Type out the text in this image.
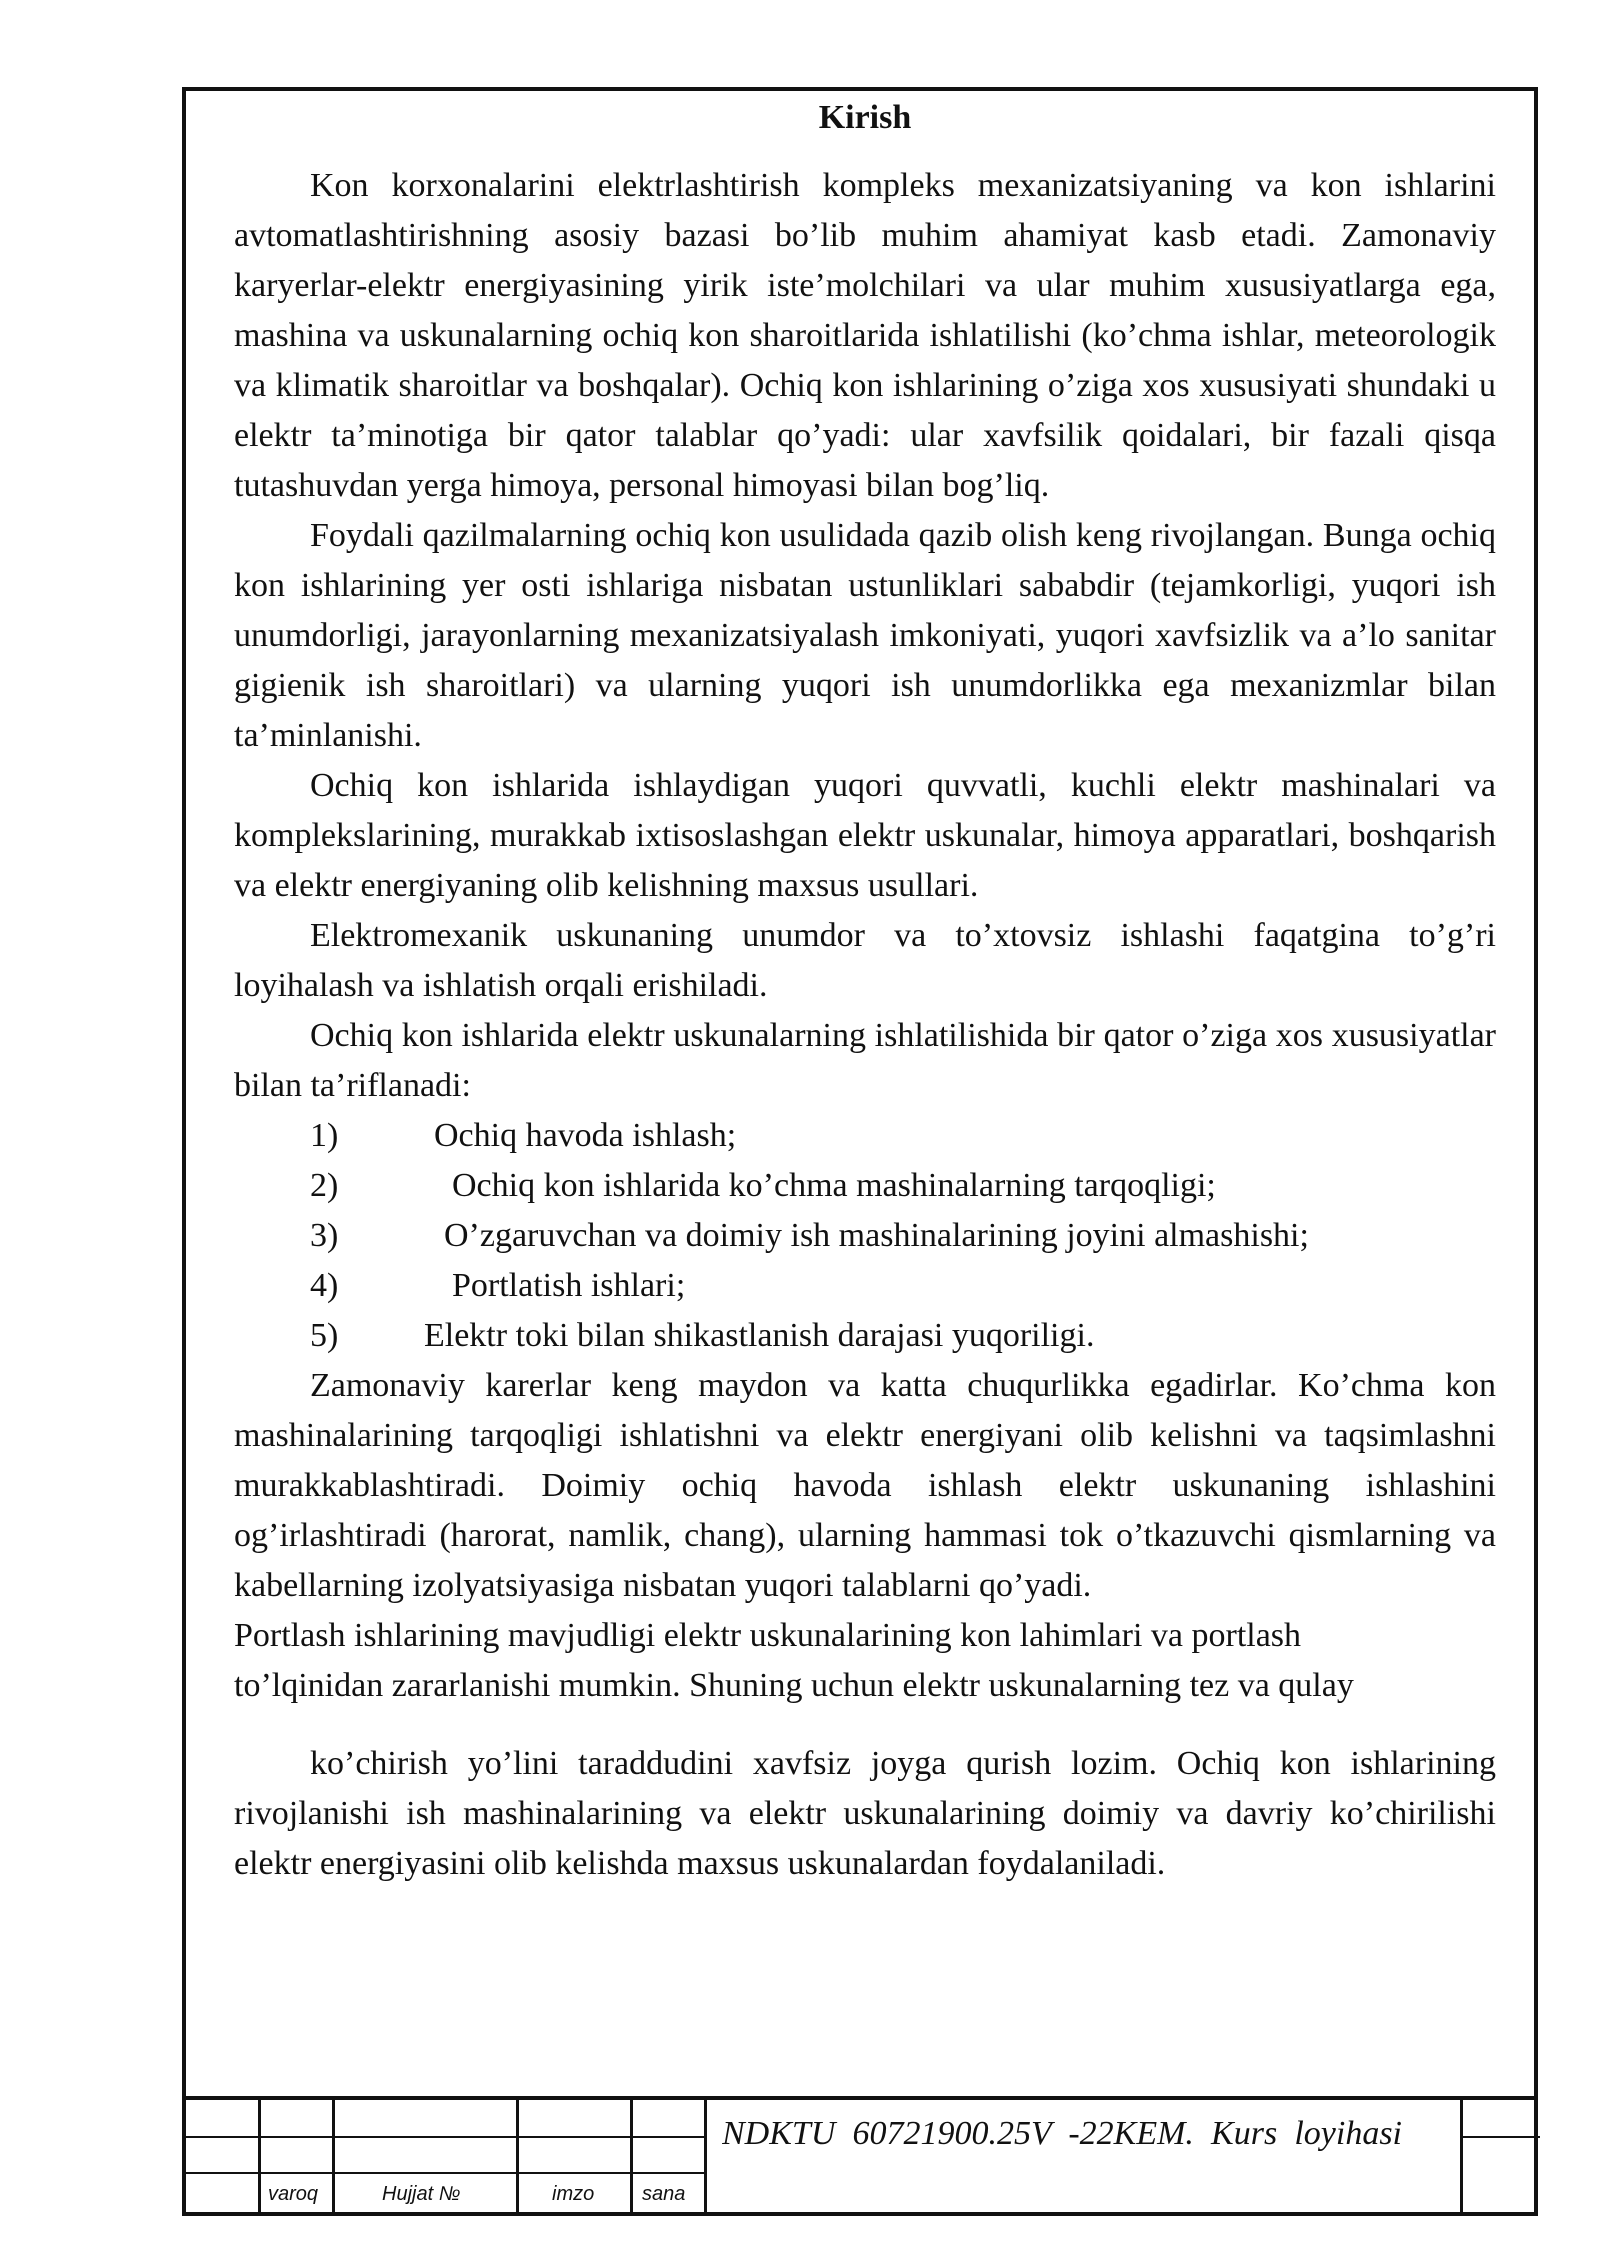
Kirish

Kon korxonalarini elektrlashtirish kompleks mexanizatsiyaning va kon ishlarini avtomatlashtirishning asosiy bazasi bo’lib muhim ahamiyat kasb etadi. Zamonaviy karyerlar-elektr energiyasining yirik iste’molchilari va ular muhim xususiyatlarga ega, mashina va uskunalarning ochiq kon sharoitlarida ishlatilishi (ko’chma ishlar, meteorologik va klimatik sharoitlar va boshqalar). Ochiq kon ishlarining o’ziga xos xususiyati shundaki u elektr ta’minotiga bir qator talablar qo’yadi: ular xavfsilik qoidalari, bir fazali qisqa tutashuvdan yerga himoya, personal himoyasi bilan bog’liq.

Foydali qazilmalarning ochiq kon usulidada qazib olish keng rivojlangan. Bunga ochiq kon ishlarining yer osti ishlariga nisbatan ustunliklari sababdir (tejamkorligi, yuqori ish unumdorligi, jarayonlarning mexanizatsiyalash imkoniyati, yuqori xavfsizlik va a’lo sanitar gigienik ish sharoitlari) va ularning yuqori ish unumdorlikka ega mexanizmlar bilan ta’minlanishi.

Ochiq kon ishlarida ishlaydigan yuqori quvvatli, kuchli elektr mashinalari va komplekslarining, murakkab ixtisoslashgan elektr uskunalar, himoya apparatlari, boshqarish va elektr energiyaning olib kelishning maxsus usullari.

Elektromexanik uskunaning unumdor va to’xtovsiz ishlashi faqatgina to’g’ri loyihalash va ishlatish orqali erishiladi.

Ochiq kon ishlarida elektr uskunalarning ishlatilishida bir qator o’ziga xos xususiyatlar bilan ta’riflanadi:

1)	Ochiq havoda ishlash;
2)	Ochiq kon ishlarida ko’chma mashinalarning tarqoqligi;
3)	O’zgaruvchan va doimiy ish mashinalarining joyini almashishi;
4)	Portlatish ishlari;
5)	Elektr toki bilan shikastlanish darajasi yuqoriligi.

Zamonaviy karerlar keng maydon va katta chuqurlikka egadirlar. Ko’chma kon mashinalarining tarqoqligi ishlatishni va elektr energiyani olib kelishni va taqsimlashni murakkablashtiradi. Doimiy ochiq havoda ishlash elektr uskunaning ishlashini og’irlashtiradi (harorat, namlik, chang), ularning hammasi tok o’tkazuvchi qismlarning va kabellarning izolyatsiyasiga nisbatan yuqori talablarni qo’yadi.

Portlash ishlarining mavjudligi elektr uskunalarining kon lahimlari va portlash

to’lqinidan zararlanishi mumkin. Shuning uchun elektr uskunalarning tez va qulay

ko’chirish yo’lini taraddudini xavfsiz joyga qurish lozim. Ochiq kon ishlarining rivojlanishi ish mashinalarining va elektr uskunalarining doimiy va davriy ko’chirilishi elektr energiyasini olib kelishda maxsus uskunalardan foydalaniladi.

varoq	Hujjat №	imzo sana
NDKTU 60721900.25V -22KEM. Kurs loyihasi
